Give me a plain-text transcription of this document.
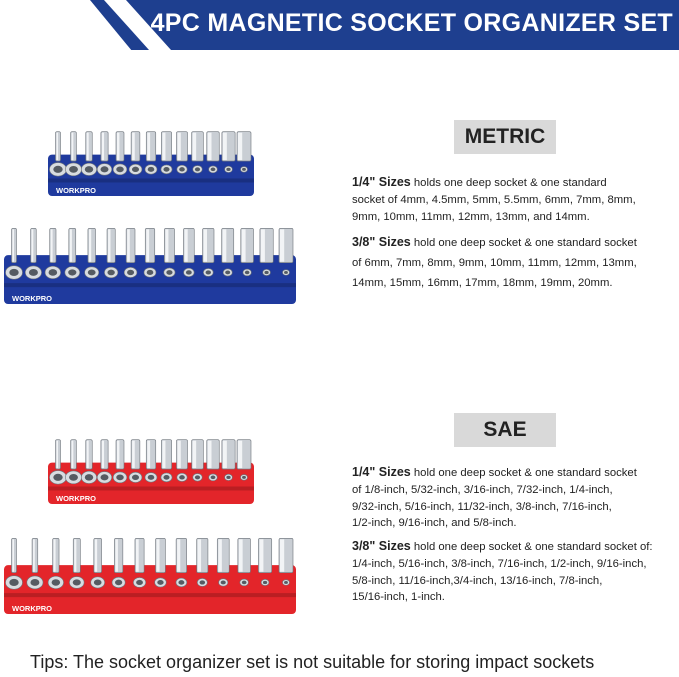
4PC MAGNETIC SOCKET ORGANIZER SET
WORKPRO
WORKPRO
WORKPRO
WORKPRO
METRIC
1/4" Sizes holds one deep socket & one standard
socket of 4mm, 4.5mm, 5mm, 5.5mm, 6mm, 7mm, 8mm,
9mm, 10mm, 11mm, 12mm, 13mm, and 14mm.
3/8" Sizes hold one deep socket & one standard socket
of 6mm, 7mm, 8mm, 9mm, 10mm, 11mm, 12mm, 13mm,
14mm, 15mm, 16mm, 17mm, 18mm, 19mm, 20mm.
SAE
1/4" Sizes hold one deep socket & one standard socket
of 1/8-inch, 5/32-inch, 3/16-inch, 7/32-inch, 1/4-inch,
9/32-inch, 5/16-inch, 11/32-inch, 3/8-inch, 7/16-inch,
1/2-inch, 9/16-inch, and 5/8-inch.
3/8" Sizes hold one deep socket & one standard socket of:
1/4-inch, 5/16-inch, 3/8-inch, 7/16-inch, 1/2-inch, 9/16-inch,
5/8-inch, 11/16-inch,3/4-inch, 13/16-inch, 7/8-inch,
15/16-inch, 1-inch.
Tips: The socket organizer set is not suitable for storing impact sockets
